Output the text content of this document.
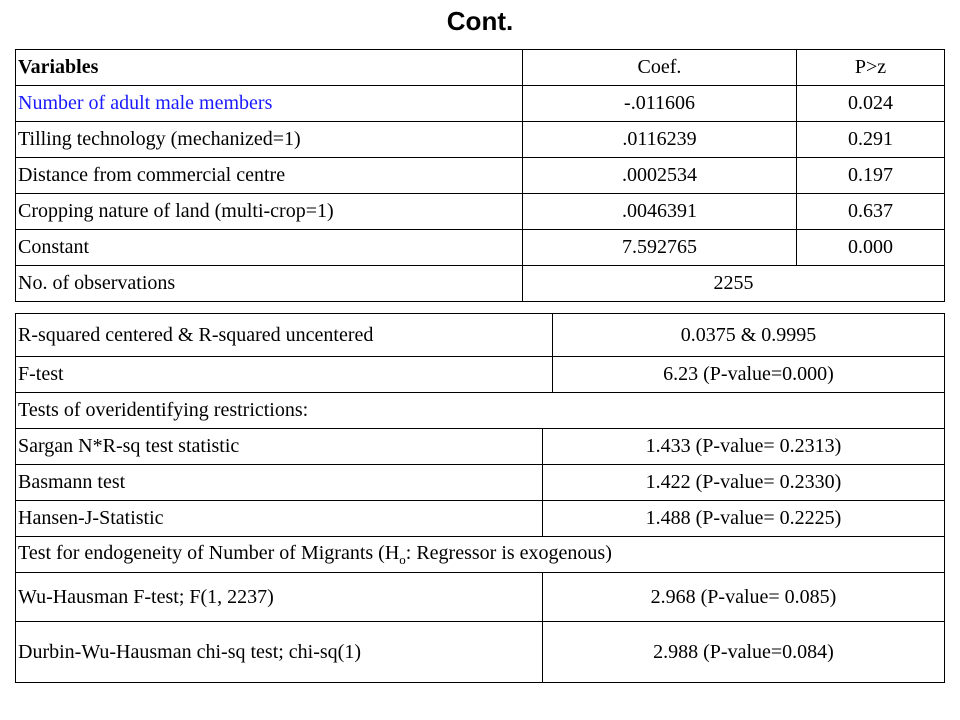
Cont.
Variables	Coef.	P>z
Number of adult male members	-.011606	0.024
Tilling technology (mechanized=1)	.0116239	0.291
Distance from commercial centre	.0002534	0.197
Cropping nature of land (multi-crop=1)	.0046391	0.637
Constant	7.592765	0.000
No. of observations	2255	
R-squared centered & R-squared uncentered		0.0375 & 0.9995
F-test		6.23 (P-value=0.000)
Tests of overidentifying restrictions:		
Sargan N*R-sq test statistic	1.433 (P-value= 0.2313)	
Basmann test	1.422 (P-value= 0.2330)	
Hansen-J-Statistic	1.488 (P-value= 0.2225)	
Test for endogeneity of Number of Migrants ($H_o$: Regressor is exogenous)		
Wu-Hausman F-test; F(1, 2237)	2.968 (P-value= 0.085)	
Durbin-Wu-Hausman chi-sq test; chi-sq(1)	2.988 (P-value=0.084)	
